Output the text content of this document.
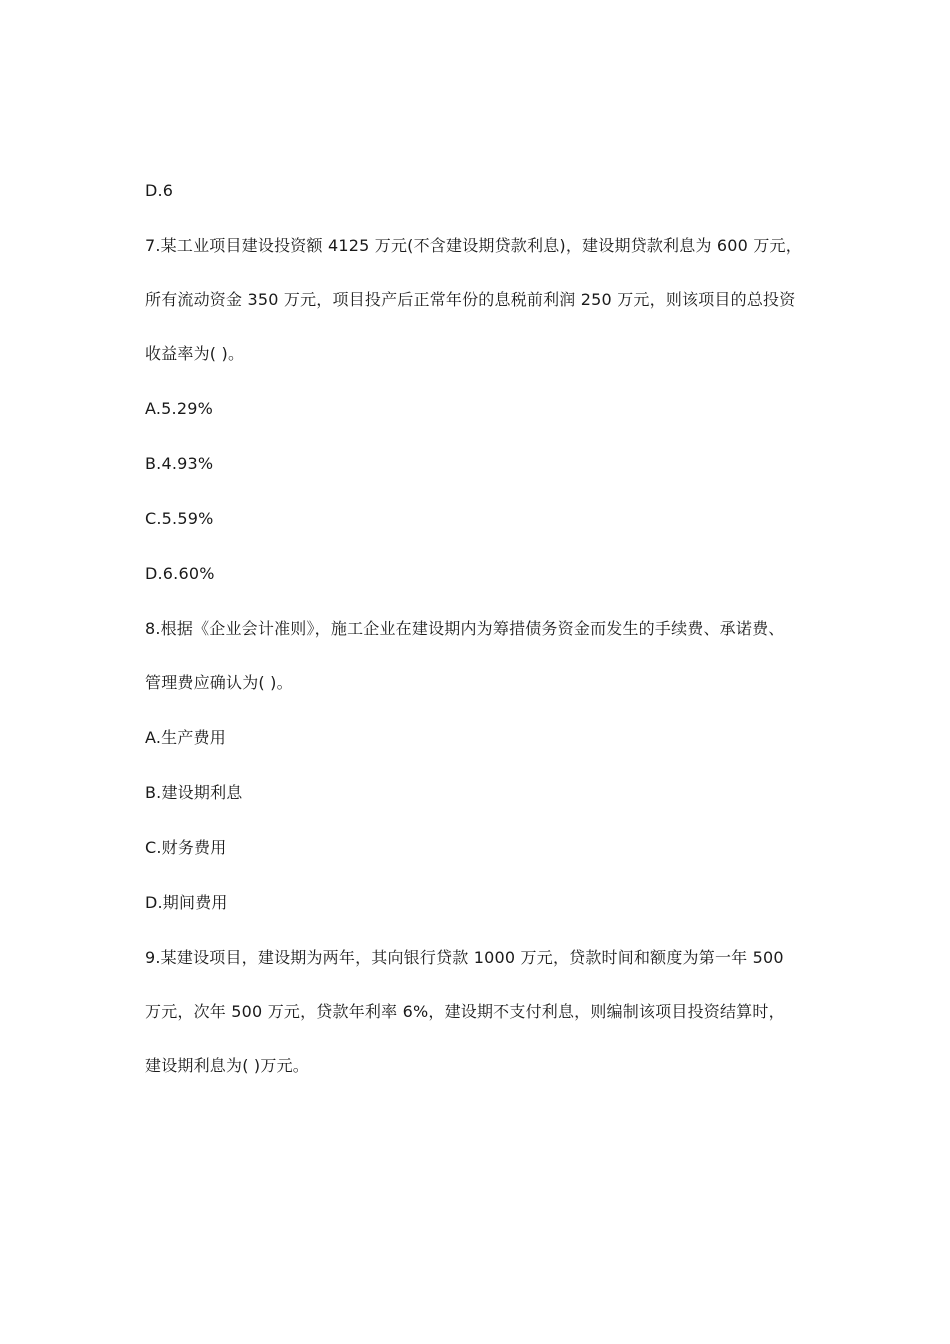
D.6
7.某工业项目建设投资额 4125 万元(不含建设期贷款利息)，建设期贷款利息为 600 万元，
所有流动资金 350 万元，项目投产后正常年份的息税前利润 250 万元，则该项目的总投资
收益率为( )。
A.5.29%
B.4.93%
C.5.59%
D.6.60%
8.根据《企业会计准则》，施工企业在建设期内为筹措债务资金而发生的手续费、承诺费、
管理费应确认为( )。
A.生产费用
B.建设期利息
C.财务费用
D.期间费用
9.某建设项目，建设期为两年，其向银行贷款 1000 万元，贷款时间和额度为第一年 500
万元，次年 500 万元，贷款年利率 6%，建设期不支付利息，则编制该项目投资结算时，
建设期利息为( )万元。
